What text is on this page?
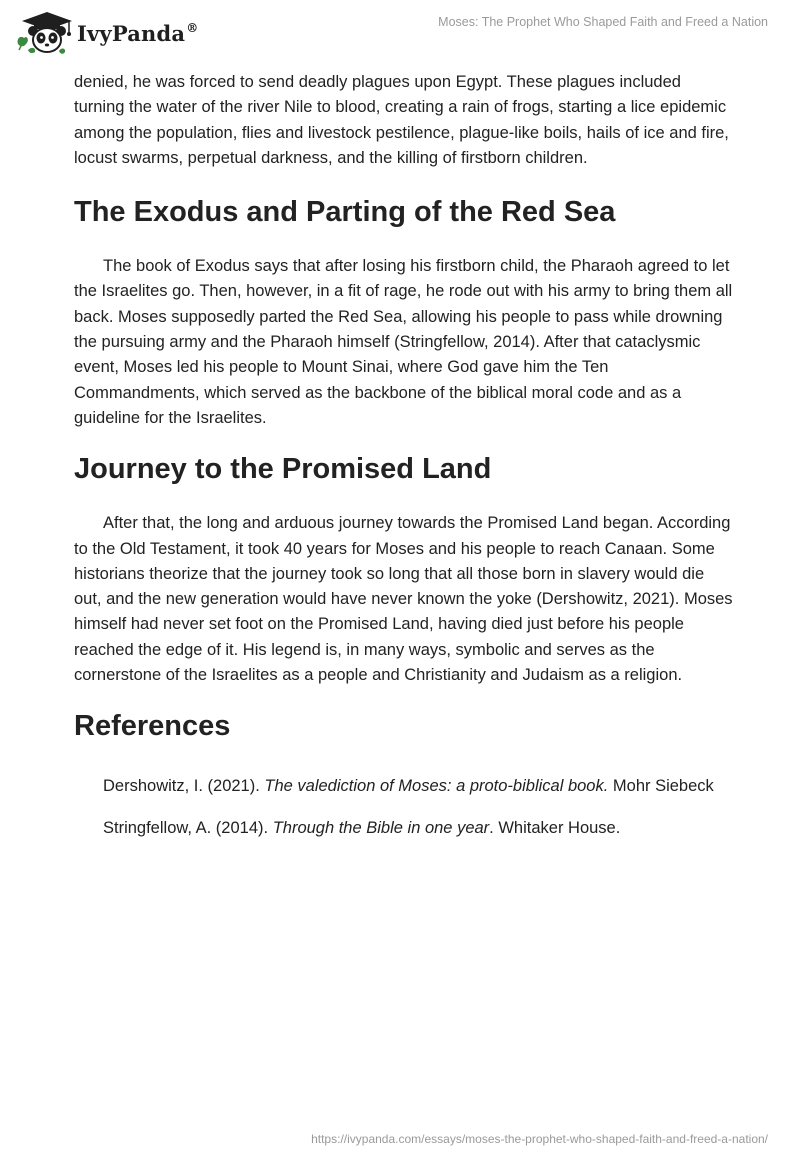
IvyPanda®	Moses: The Prophet Who Shaped Faith and Freed a Nation

denied, he was forced to send deadly plagues upon Egypt. These plagues included turning the water of the river Nile to blood, creating a rain of frogs, starting a lice epidemic among the population, flies and livestock pestilence, plague-like boils, hails of ice and fire, locust swarms, perpetual darkness, and the killing of firstborn children.

The Exodus and Parting of the Red Sea

The book of Exodus says that after losing his firstborn child, the Pharaoh agreed to let the Israelites go. Then, however, in a fit of rage, he rode out with his army to bring them all back. Moses supposedly parted the Red Sea, allowing his people to pass while drowning the pursuing army and the Pharaoh himself (Stringfellow, 2014). After that cataclysmic event, Moses led his people to Mount Sinai, where God gave him the Ten Commandments, which served as the backbone of the biblical moral code and as a guideline for the Israelites.

Journey to the Promised Land

After that, the long and arduous journey towards the Promised Land began. According to the Old Testament, it took 40 years for Moses and his people to reach Canaan. Some historians theorize that the journey took so long that all those born in slavery would die out, and the new generation would have never known the yoke (Dershowitz, 2021). Moses himself had never set foot on the Promised Land, having died just before his people reached the edge of it. His legend is, in many ways, symbolic and serves as the cornerstone of the Israelites as a people and Christianity and Judaism as a religion.

References

Dershowitz, I. (2021). The valediction of Moses: a proto-biblical book. Mohr Siebeck

Stringfellow, A. (2014). Through the Bible in one year. Whitaker House.

https://ivypanda.com/essays/moses-the-prophet-who-shaped-faith-and-freed-a-nation/
